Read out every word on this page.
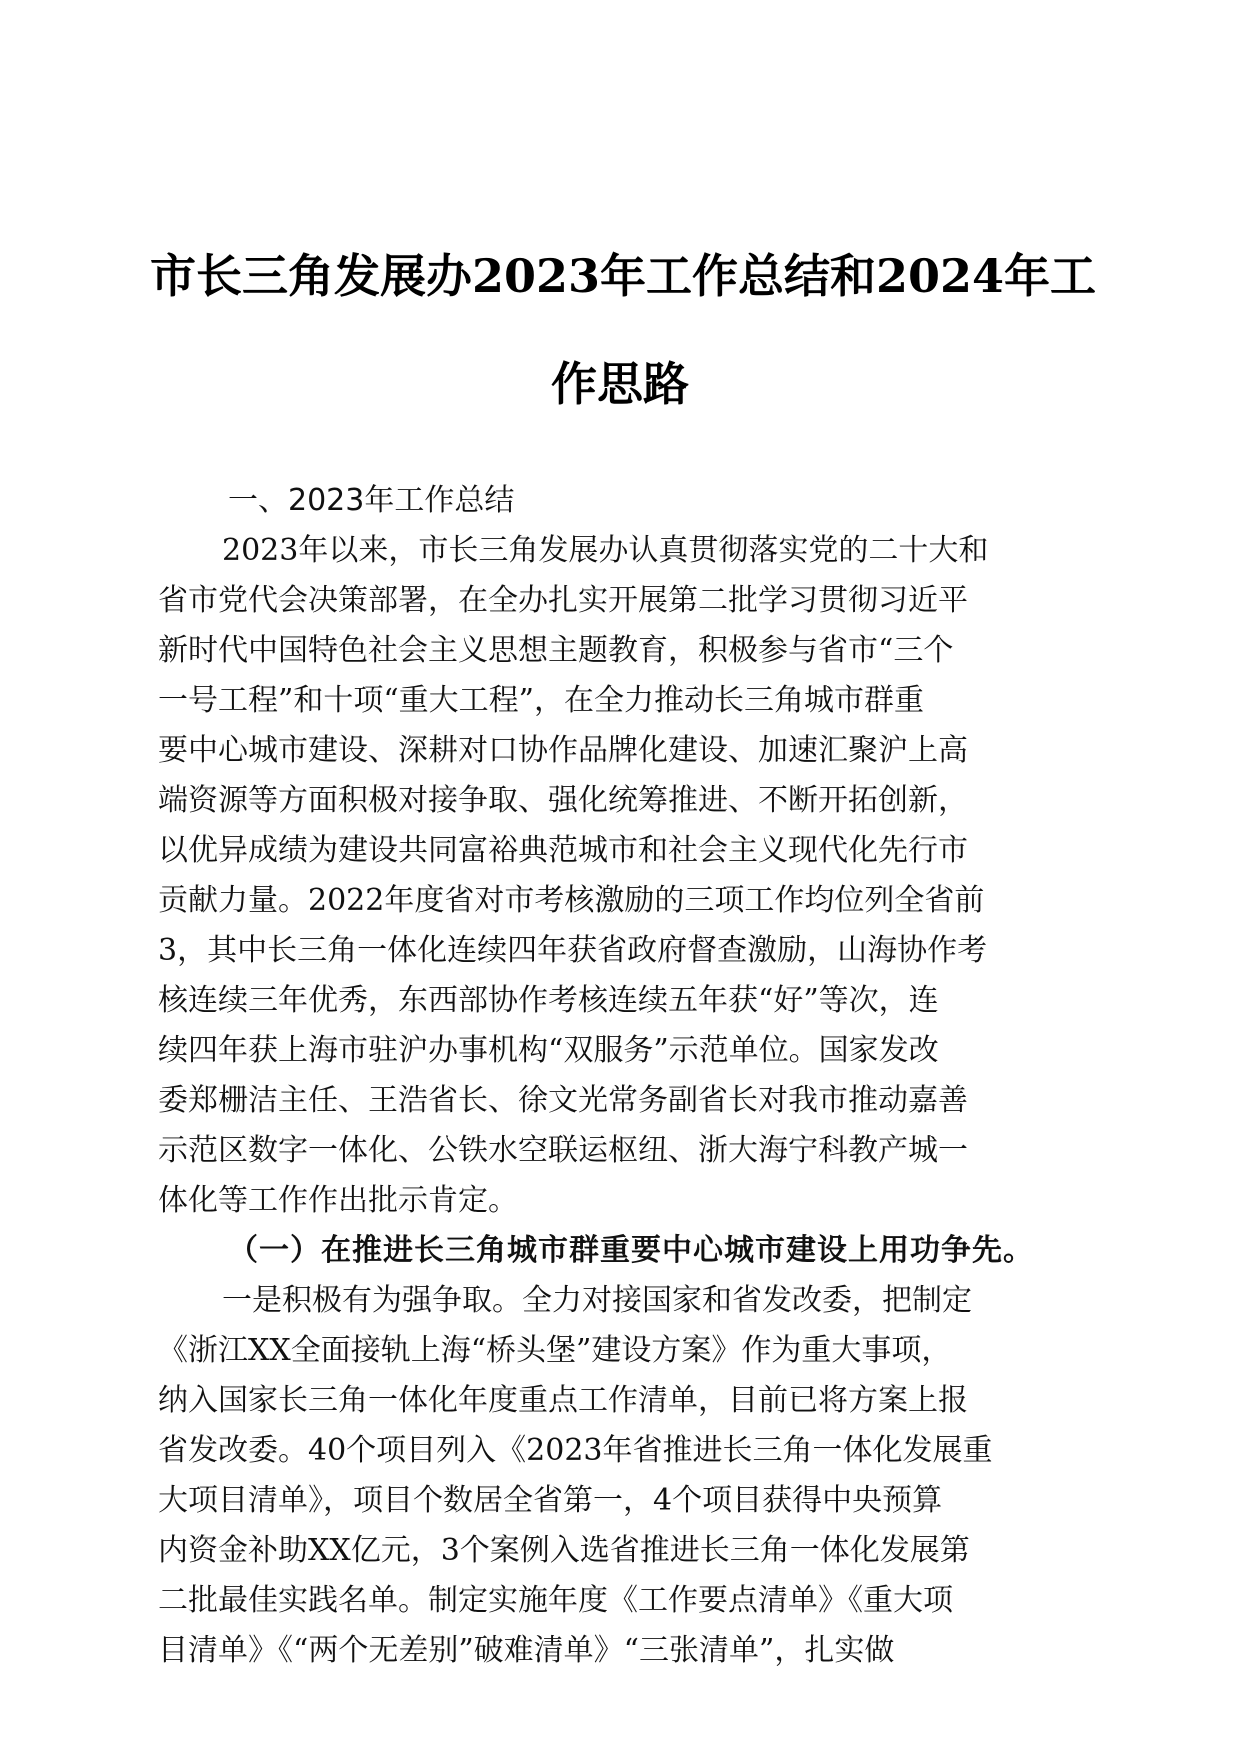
市长三角发展办2023年工作总结和2024年工
作思路
一、2023年工作总结
2023年以来，市长三角发展办认真贯彻落实党的二十大和
省市党代会决策部署，在全办扎实开展第二批学习贯彻习近平
新时代中国特色社会主义思想主题教育，积极参与省市“三个
一号工程”和十项“重大工程”，在全力推动长三角城市群重
要中心城市建设、深耕对口协作品牌化建设、加速汇聚沪上高
端资源等方面积极对接争取、强化统筹推进、不断开拓创新，
以优异成绩为建设共同富裕典范城市和社会主义现代化先行市
贡献力量。2022年度省对市考核激励的三项工作均位列全省前
3，其中长三角一体化连续四年获省政府督查激励，山海协作考
核连续三年优秀，东西部协作考核连续五年获“好”等次，连
续四年获上海市驻沪办事机构“双服务”示范单位。国家发改
委郑栅洁主任、王浩省长、徐文光常务副省长对我市推动嘉善
示范区数字一体化、公铁水空联运枢纽、浙大海宁科教产城一
体化等工作作出批示肯定。
（一）在推进长三角城市群重要中心城市建设上用功争先。
一是积极有为强争取。全力对接国家和省发改委，把制定
《浙江XX全面接轨上海“桥头堡”建设方案》作为重大事项，
纳入国家长三角一体化年度重点工作清单，目前已将方案上报
省发改委。40个项目列入《2023年省推进长三角一体化发展重
大项目清单》，项目个数居全省第一，4个项目获得中央预算
内资金补助XX亿元，3个案例入选省推进长三角一体化发展第
二批最佳实践名单。制定实施年度《工作要点清单》《重大项
目清单》《“两个无差别”破难清单》“三张清单”，扎实做
